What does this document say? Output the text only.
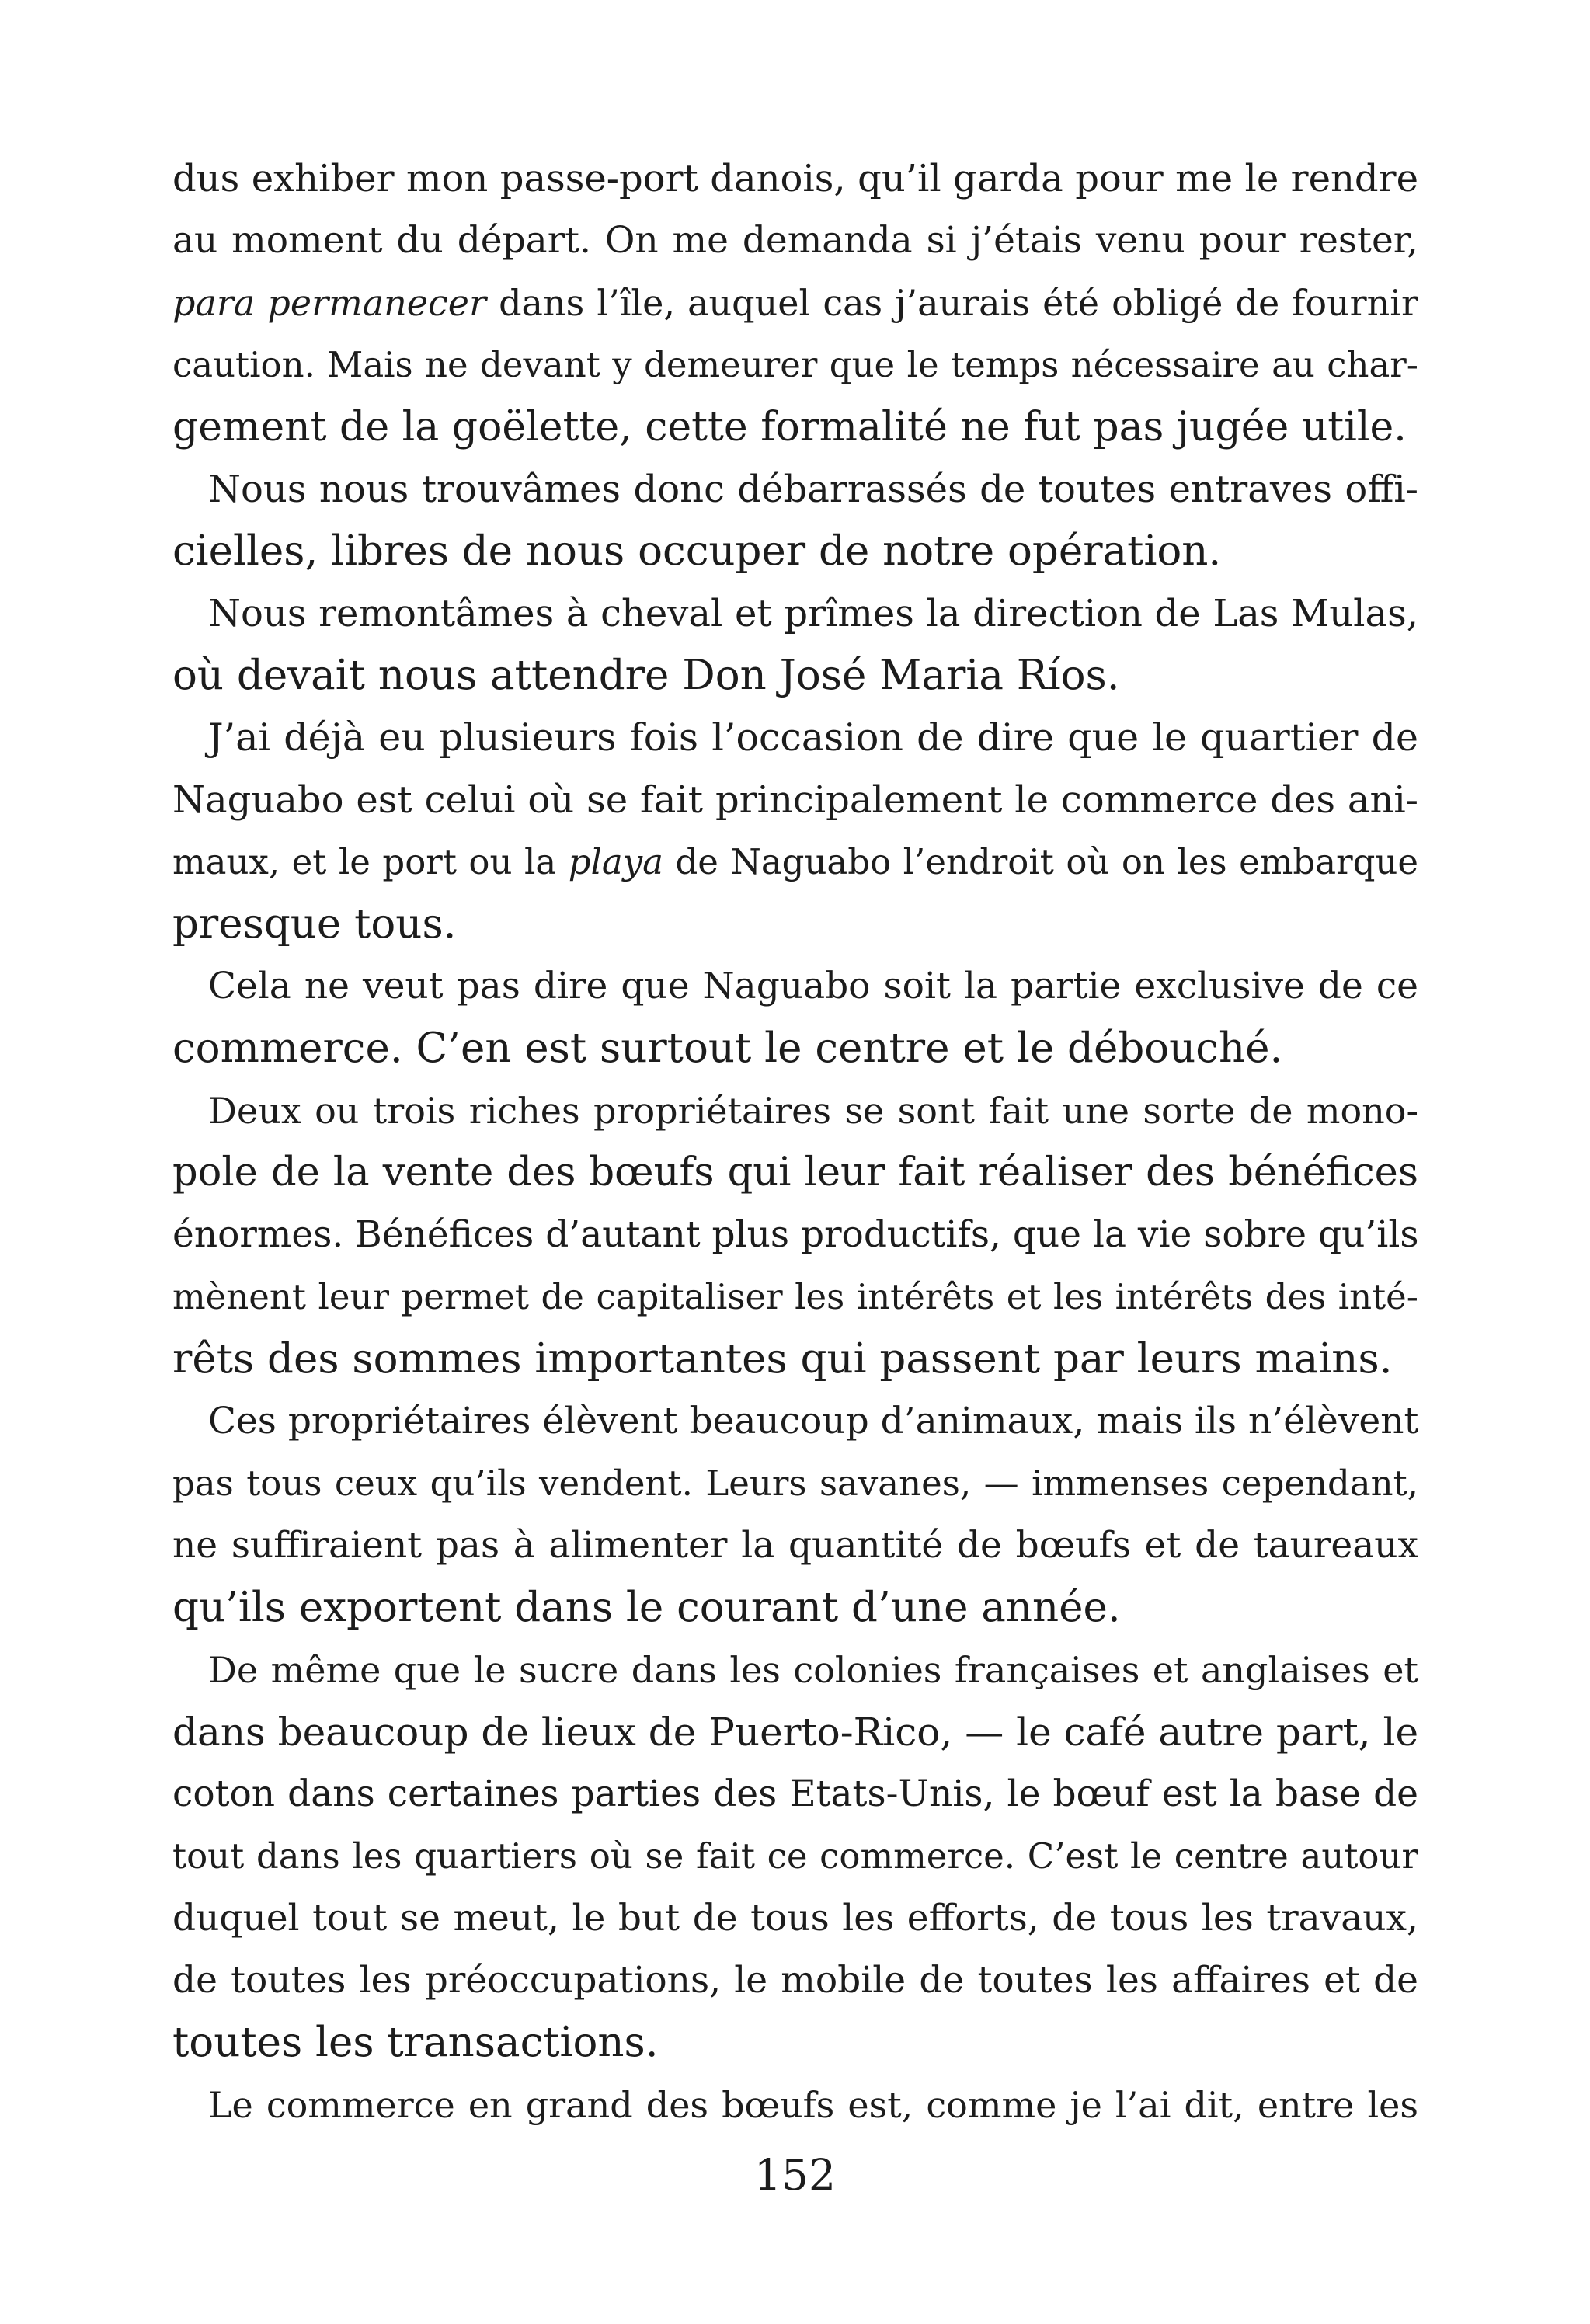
dus exhiber mon passe-port danois, qu’il garda pour me le rendre
au moment du départ. On me demanda si j’étais venu pour rester,
para permanecer dans l’île, auquel cas j’aurais été obligé de fournir
caution. Mais ne devant y demeurer que le temps nécessaire au char-
gement de la goëlette, cette formalité ne fut pas jugée utile.
Nous nous trouvâmes donc débarrassés de toutes entraves offi-
cielles, libres de nous occuper de notre opération.
Nous remontâmes à cheval et prîmes la direction de Las Mulas,
où devait nous attendre Don José Maria Ríos.
J’ai déjà eu plusieurs fois l’occasion de dire que le quartier de
Naguabo est celui où se fait principalement le commerce des ani-
maux, et le port ou la playa de Naguabo l’endroit où on les embarque
presque tous.
Cela ne veut pas dire que Naguabo soit la partie exclusive de ce
commerce. C’en est surtout le centre et le débouché.
Deux ou trois riches propriétaires se sont fait une sorte de mono-
pole de la vente des bœufs qui leur fait réaliser des bénéfices
énormes. Bénéfices d’autant plus productifs, que la vie sobre qu’ils
mènent leur permet de capitaliser les intérêts et les intérêts des inté-
rêts des sommes importantes qui passent par leurs mains.
Ces propriétaires élèvent beaucoup d’animaux, mais ils n’élèvent
pas tous ceux qu’ils vendent. Leurs savanes, — immenses cependant,
ne suffiraient pas à alimenter la quantité de bœufs et de taureaux
qu’ils exportent dans le courant d’une année.
De même que le sucre dans les colonies françaises et anglaises et
dans beaucoup de lieux de Puerto-Rico, — le café autre part, le
coton dans certaines parties des Etats-Unis, le bœuf est la base de
tout dans les quartiers où se fait ce commerce. C’est le centre autour
duquel tout se meut, le but de tous les efforts, de tous les travaux,
de toutes les préoccupations, le mobile de toutes les affaires et de
toutes les transactions.
Le commerce en grand des bœufs est, comme je l’ai dit, entre les
152
